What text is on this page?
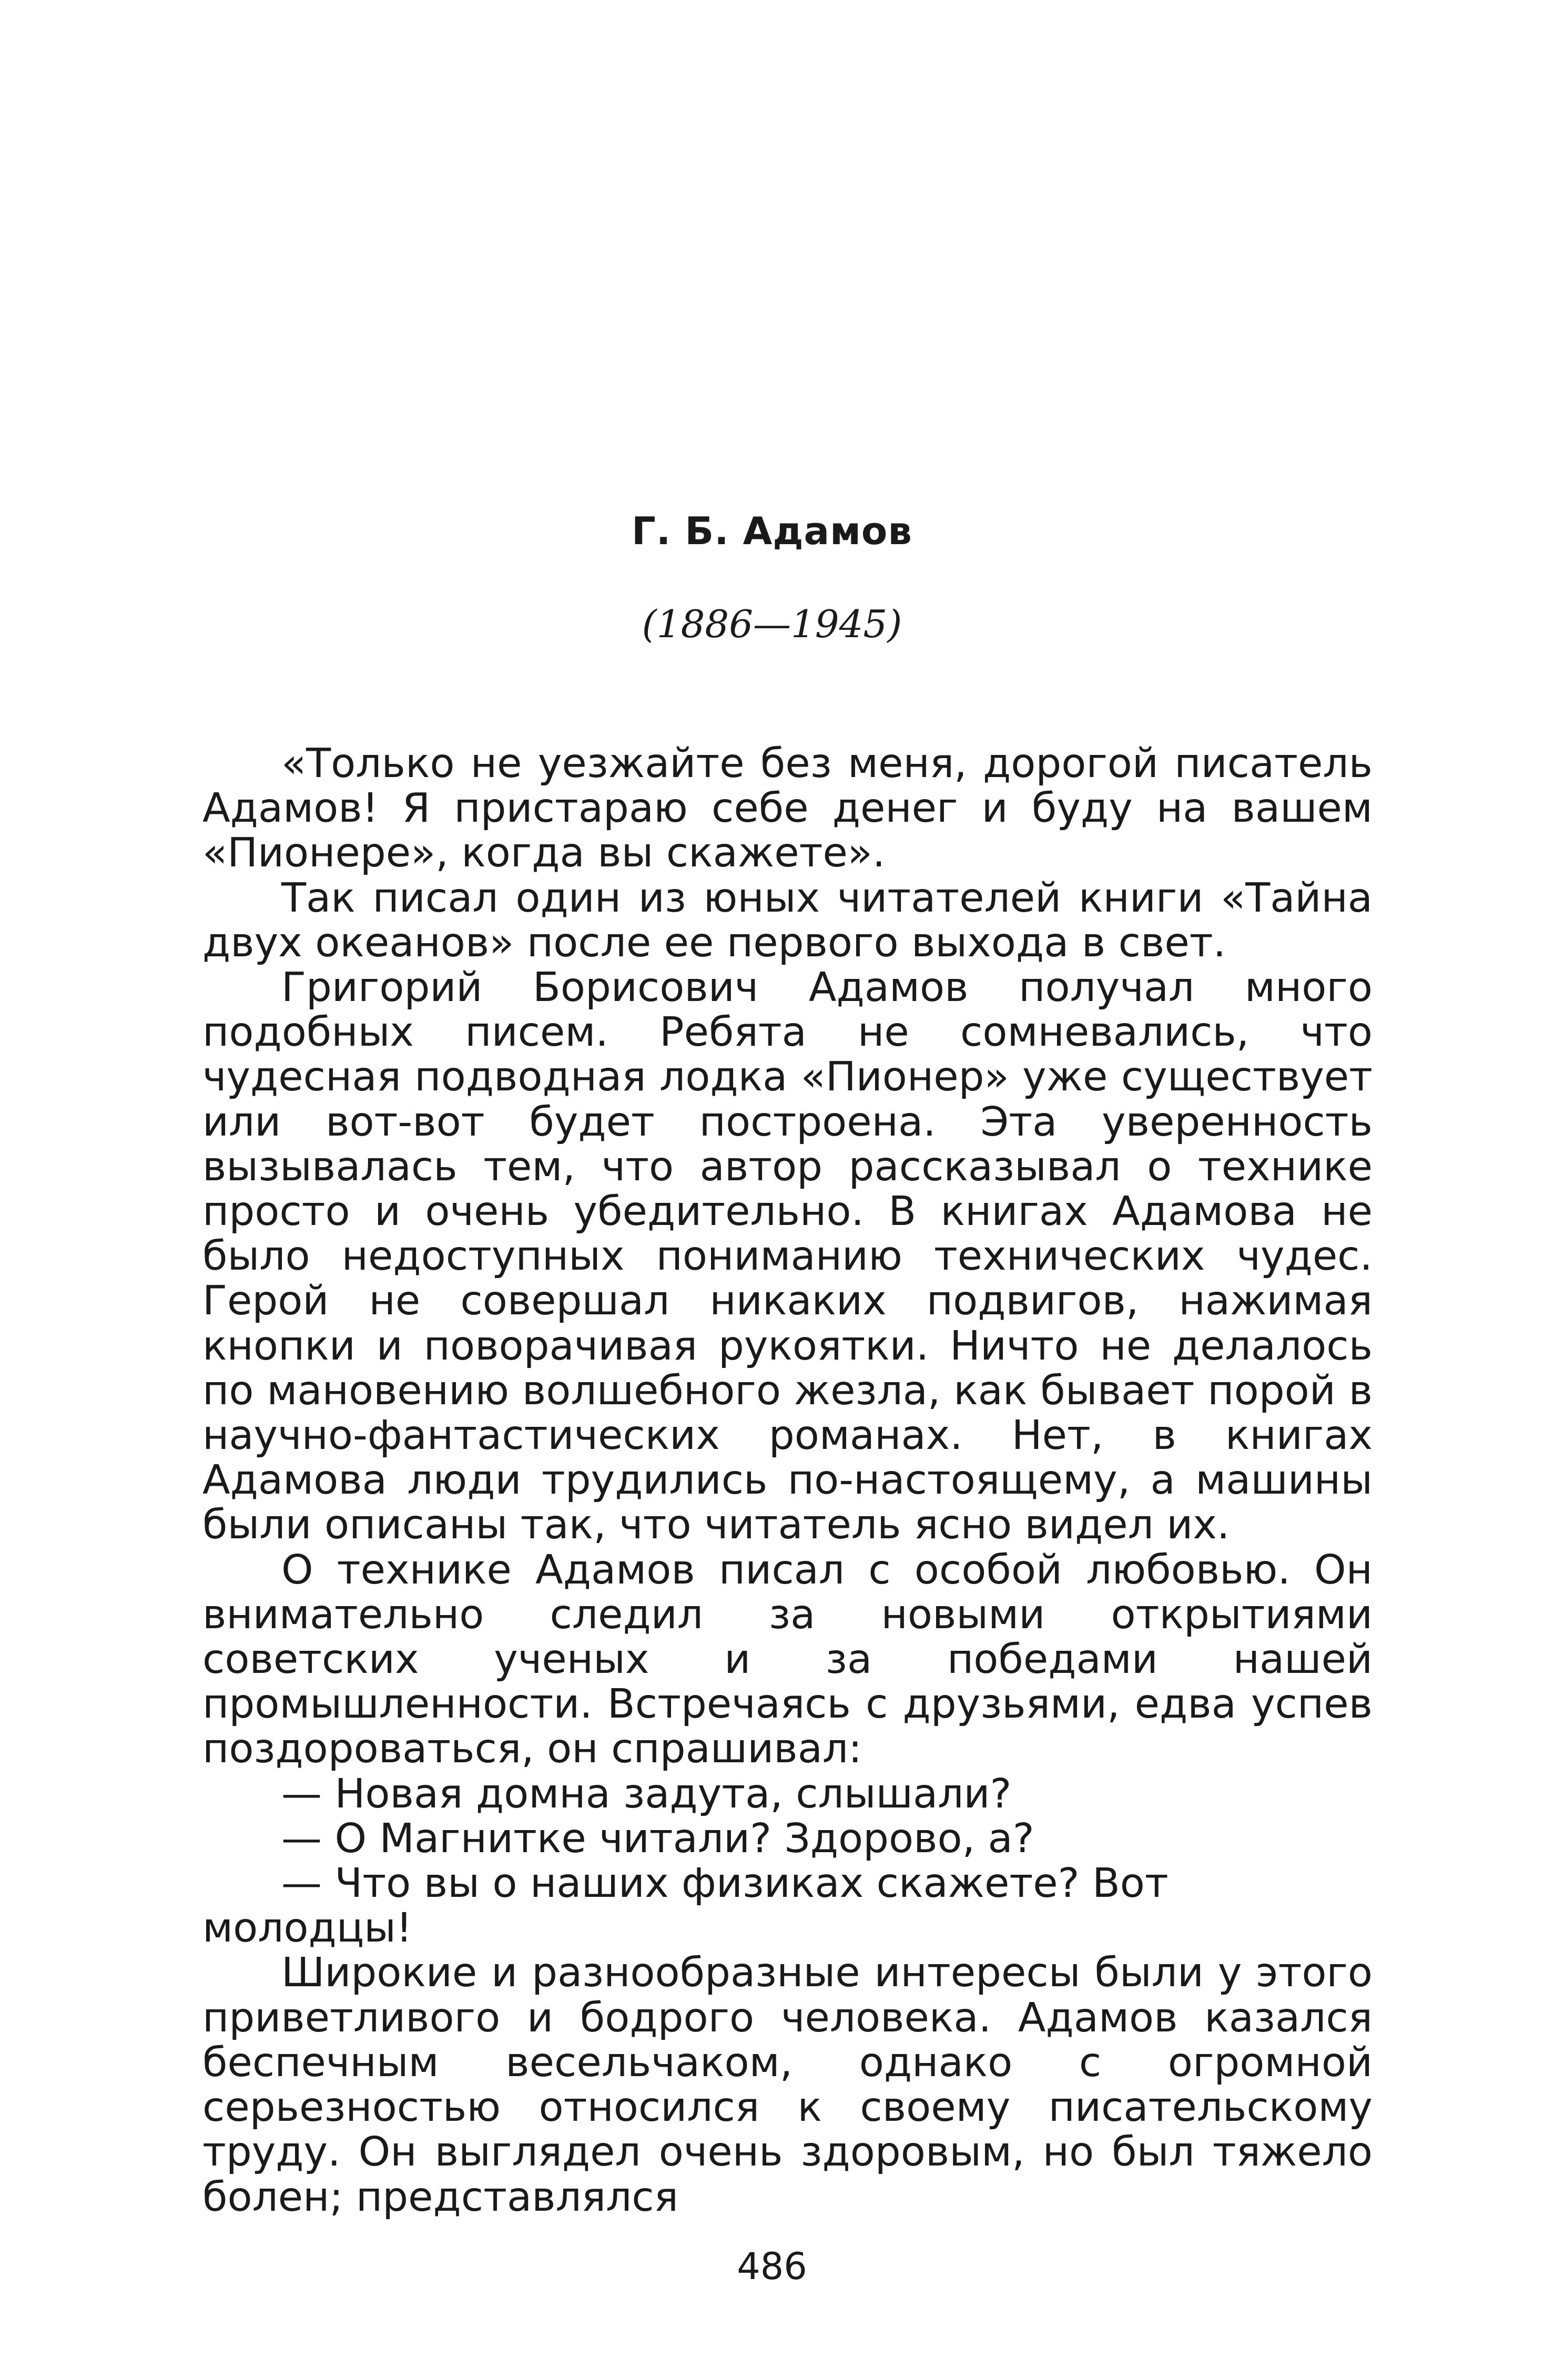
Г. Б. Адамов
(1886—1945)

«Только не уезжайте без меня, дорогой писатель Адамов! Я пристараю себе денег и буду на вашем «Пионере», когда вы скажете».

Так писал один из юных читателей книги «Тайна двух океанов» после ее первого выхода в свет.

Григорий Борисович Адамов получал много подобных писем. Ребята не сомневались, что чудесная подводная лодка «Пионер» уже существует или вот-вот будет построена. Эта уверенность вызывалась тем, что автор рассказывал о технике просто и очень убедительно. В книгах Адамова не было недоступных пониманию технических чудес. Герой не совершал никаких подвигов, нажимая кнопки и поворачивая рукоятки. Ничто не делалось по мановению волшебного жезла, как бывает порой в научно-фантастических романах. Нет, в книгах Адамова люди трудились по-настоящему, а машины были описаны так, что читатель ясно видел их.

О технике Адамов писал с особой любовью. Он внимательно следил за новыми открытиями советских ученых и за победами нашей промышленности. Встречаясь с друзьями, едва успев поздороваться, он спрашивал:

— Новая домна задута, слышали?

— О Магнитке читали? Здорово, а?

— Что вы о наших физиках скажете? Вот молодцы!

Широкие и разнообразные интересы были у этого приветливого и бодрого человека. Адамов казался беспечным весельчаком, однако с огромной серьезностью относился к своему писательскому труду. Он выглядел очень здоровым, но был тяжело болен; представлялся

486
